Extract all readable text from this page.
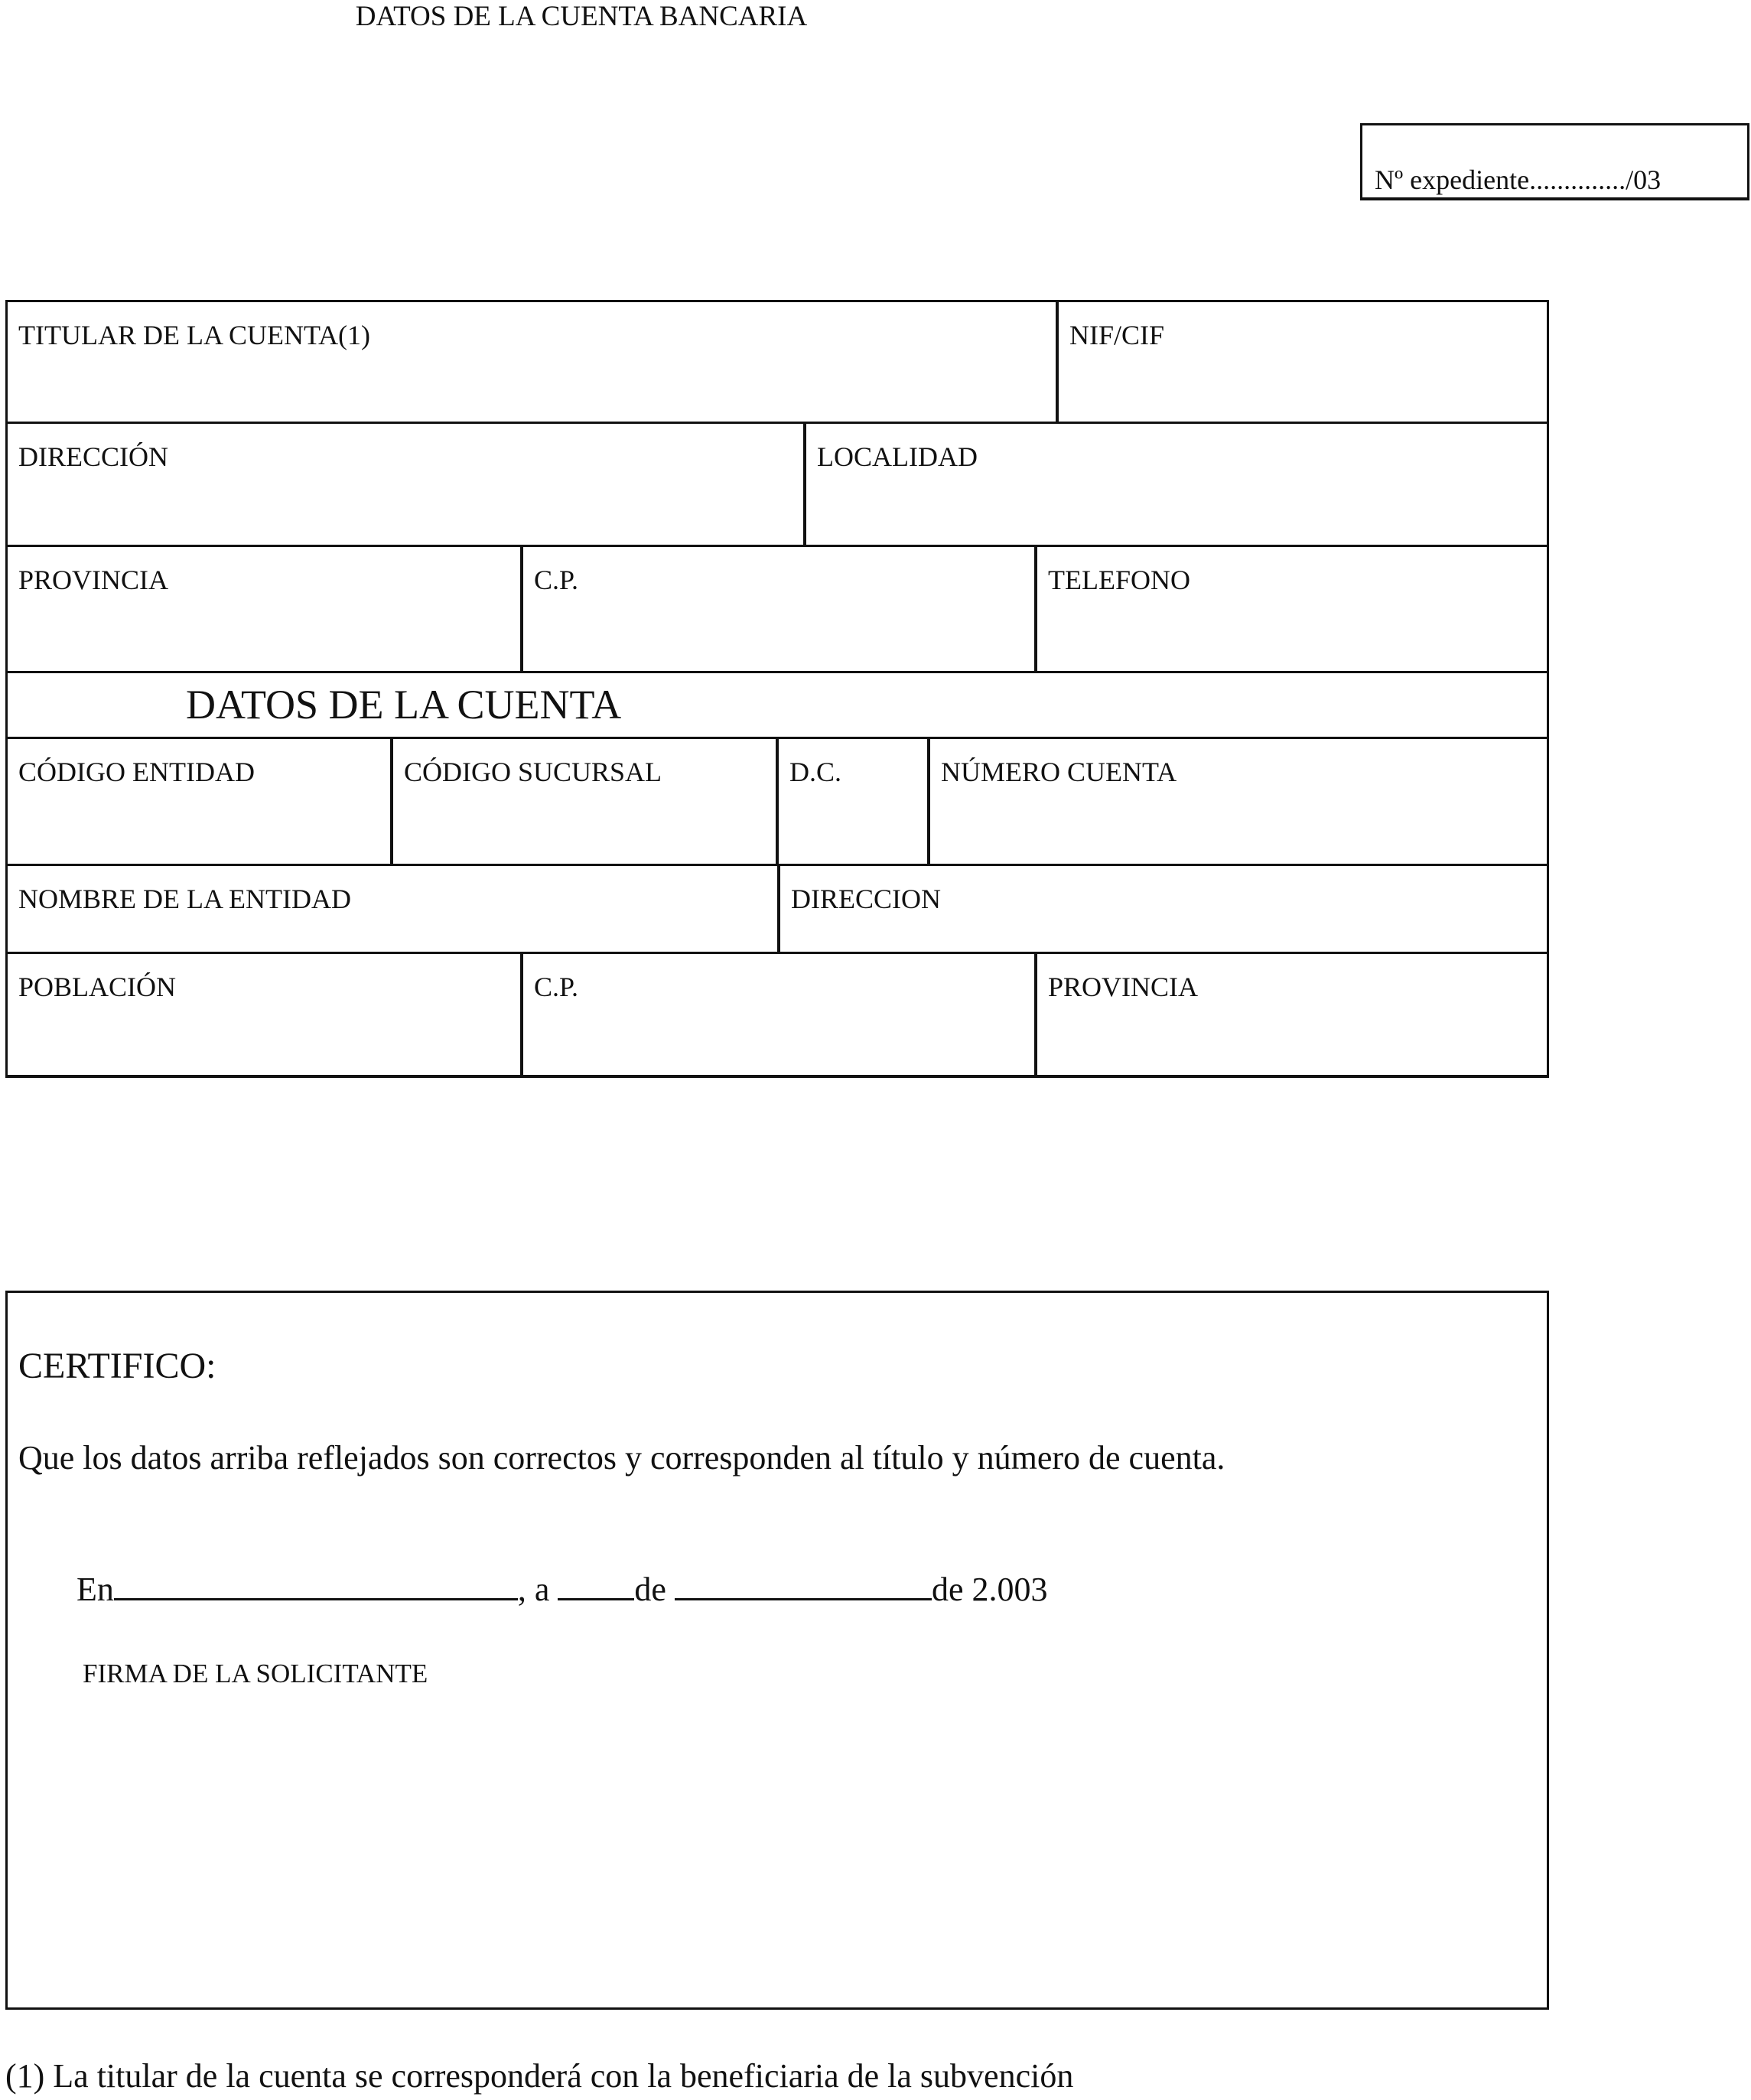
DATOS DE LA CUENTA BANCARIA
Nº expediente............../03
TITULAR DE LA CUENTA(1)	NIF/CIF
DIRECCIÓN	LOCALIDAD
PROVINCIA	C.P.	TELEFONO
DATOS DE LA CUENTA
CÓDIGO ENTIDAD	CÓDIGO SUCURSAL	D.C.	NÚMERO CUENTA
NOMBRE DE LA ENTIDAD	DIRECCION
POBLACIÓN	C.P.	PROVINCIA
CERTIFICO:
Que los datos arriba reflejados son correctos y corresponden al título y número de cuenta.
En	, a de	de 2.003
FIRMA DE LA SOLICITANTE
(1) La titular de la cuenta se corresponderá con la beneficiaria de la subvención
